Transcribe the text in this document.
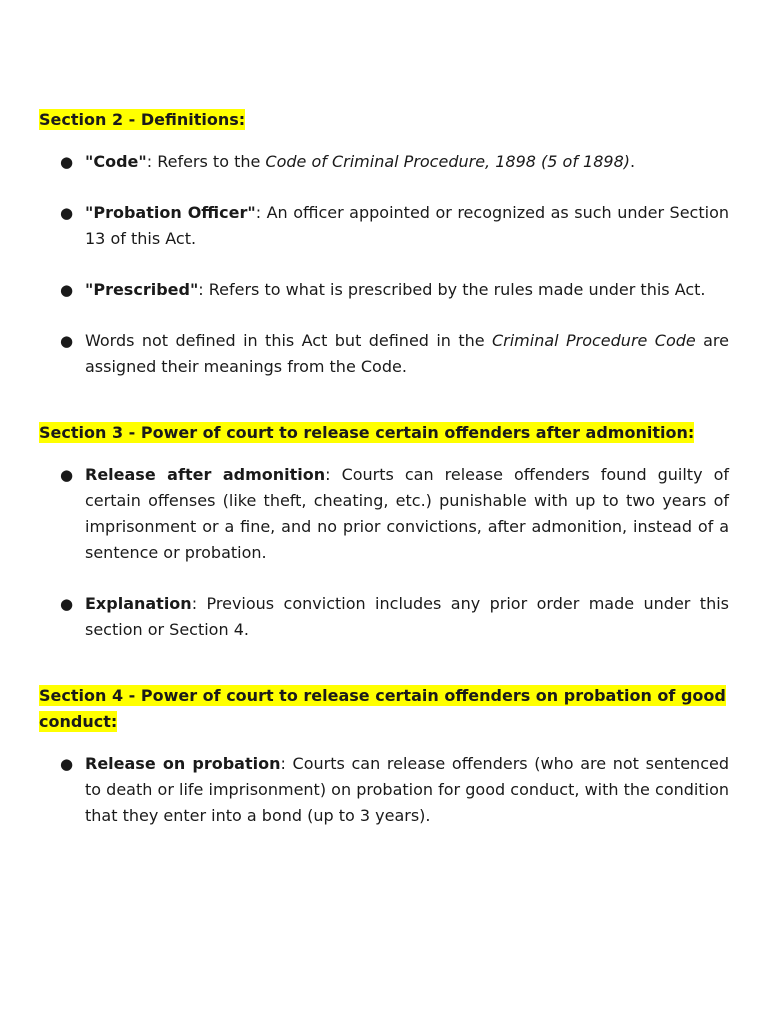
Section 2 - Definitions:

● "Code": Refers to the Code of Criminal Procedure, 1898 (5 of 1898).
● "Probation Officer": An officer appointed or recognized as such under Section 13 of this Act.
● "Prescribed": Refers to what is prescribed by the rules made under this Act.
● Words not defined in this Act but defined in the Criminal Procedure Code are assigned their meanings from the Code.

Section 3 - Power of court to release certain offenders after admonition:

● Release after admonition: Courts can release offenders found guilty of certain offenses (like theft, cheating, etc.) punishable with up to two years of imprisonment or a fine, and no prior convictions, after admonition, instead of a sentence or probation.
● Explanation: Previous conviction includes any prior order made under this section or Section 4.

Section 4 - Power of court to release certain offenders on probation of good conduct:

● Release on probation: Courts can release offenders (who are not sentenced to death or life imprisonment) on probation for good conduct, with the condition that they enter into a bond (up to 3 years).
